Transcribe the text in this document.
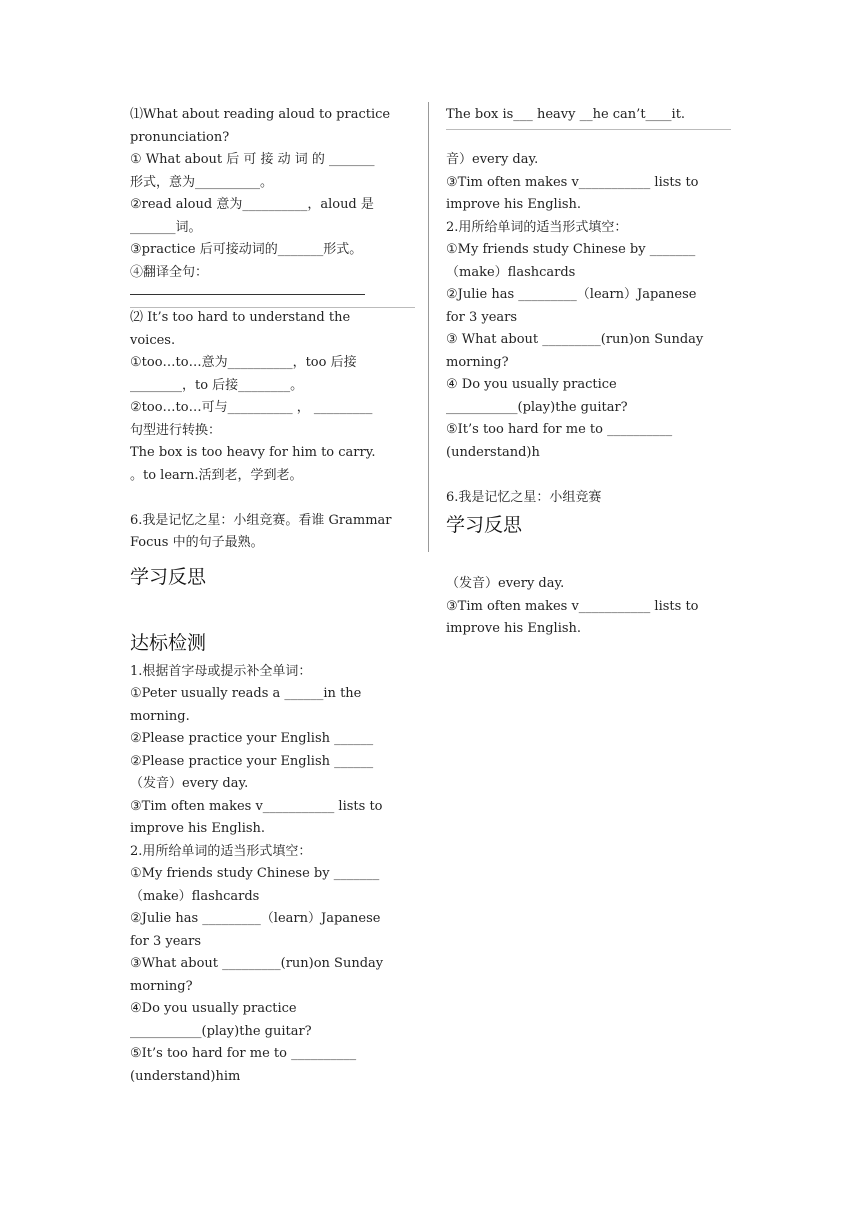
⑴What about reading aloud to practice
pronunciation?
① What about 后 可 接 动 词 的 _______
形式，意为__________。
②read aloud 意为__________，aloud 是
_______词。
③practice 后可接动词的_______形式。
④翻译全句：
⑵ It’s too hard to understand the
voices.
①too…to…意为__________，too 后接
________，to 后接________。
②too…to…可与__________ ， _________
句型进行转换：
The box is too heavy for him to carry.
。to learn.活到老，学到老。
6.我是记忆之星：小组竞赛。看谁 Grammar
Focus 中的句子最熟。
学习反思
达标检测
1.根据首字母或提示补全单词：
①Peter usually reads a ______in the
morning.
②Please practice your English ______
②Please practice your English ______
（发音）every day.
③Tim often makes v___________ lists to
improve his English.
2.用所给单词的适当形式填空：
①My friends study Chinese by _______
（make）flashcards
②Julie has _________（learn）Japanese
for 3 years
③What about _________(run)on Sunday
morning?
④Do you usually practice
___________(play)the guitar?
⑤It’s too hard for me to __________
(understand)him
The box is___ heavy __he can’t____it.
音）every day.
③Tim often makes v___________ lists to
improve his English.
2.用所给单词的适当形式填空：
①My friends study Chinese by _______
（make）flashcards
②Julie has _________（learn）Japanese
for 3 years
③ What about _________(run)on Sunday
morning?
④ Do you usually practice
___________(play)the guitar?
⑤It’s too hard for me to __________
(understand)h
6.我是记忆之星：小组竞赛
学习反思
（发音）every day.
③Tim often makes v___________ lists to
improve his English.
